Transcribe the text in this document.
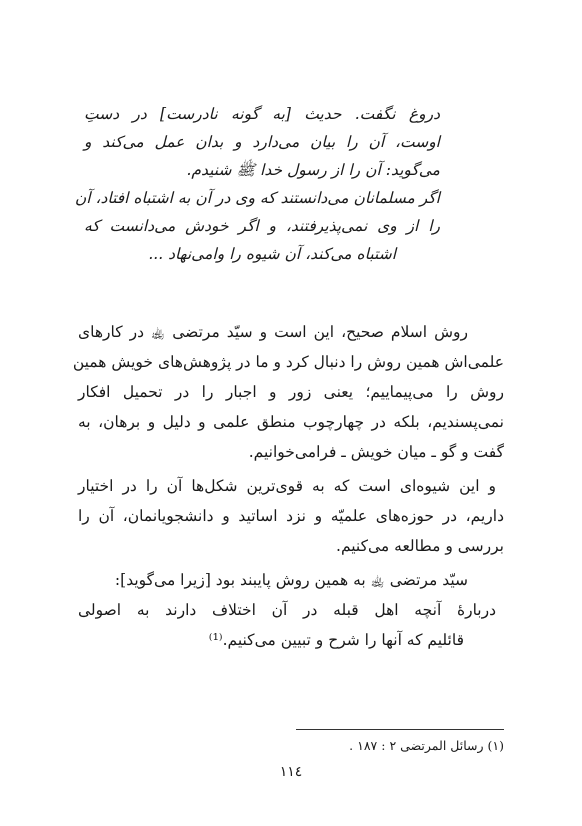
دروغ نگفت. حدیث [به گونه نادرست] در دستِ
اوست، آن را بیان می‌دارد و بدان عمل می‌کند و
می‌گوید: آن را از رسول خدا ﷺ شنیدم.
اگر مسلمانان می‌دانستند که وی در آن به اشتباه افتاد، آن
را از وی نمی‌پذیرفتند، و اگر خودش می‌دانست که
اشتباه می‌کند، آن شیوه را وامی‌نهاد ...
روش اسلام صحیح، این است و سیّد مرتضی ﵀ در کارهای
علمی‌اش همین روش را دنبال کرد و ما در پژوهش‌های خویش همین
روش را می‌پیماییم؛ یعنی زور و اجبار را در تحمیل افکار
نمی‌پسندیم، بلکه در چهارچوب منطق علمی و دلیل و برهان، به
گفت و گو ـ میان خویش ـ فرامی‌خوانیم.
و این شیوه‌ای است که به قوی‌ترین شکل‌ها آن را در اختیار
داریم، در حوزه‌های علمیّه و نزد اساتید و دانشجویانمان، آن را
بررسی و مطالعه می‌کنیم.
سیّد مرتضی ﵀ به همین روش پایبند بود [زیرا می‌گوید]:
دربارهٔ آنچه اهل قبله در آن اختلاف دارند به اصولی
قائلیم که آنها را شرح و تبیین می‌کنیم.⁽¹⁾
(١) رسائل المرتضى ٢ : ١٨٧ .
١١٤
